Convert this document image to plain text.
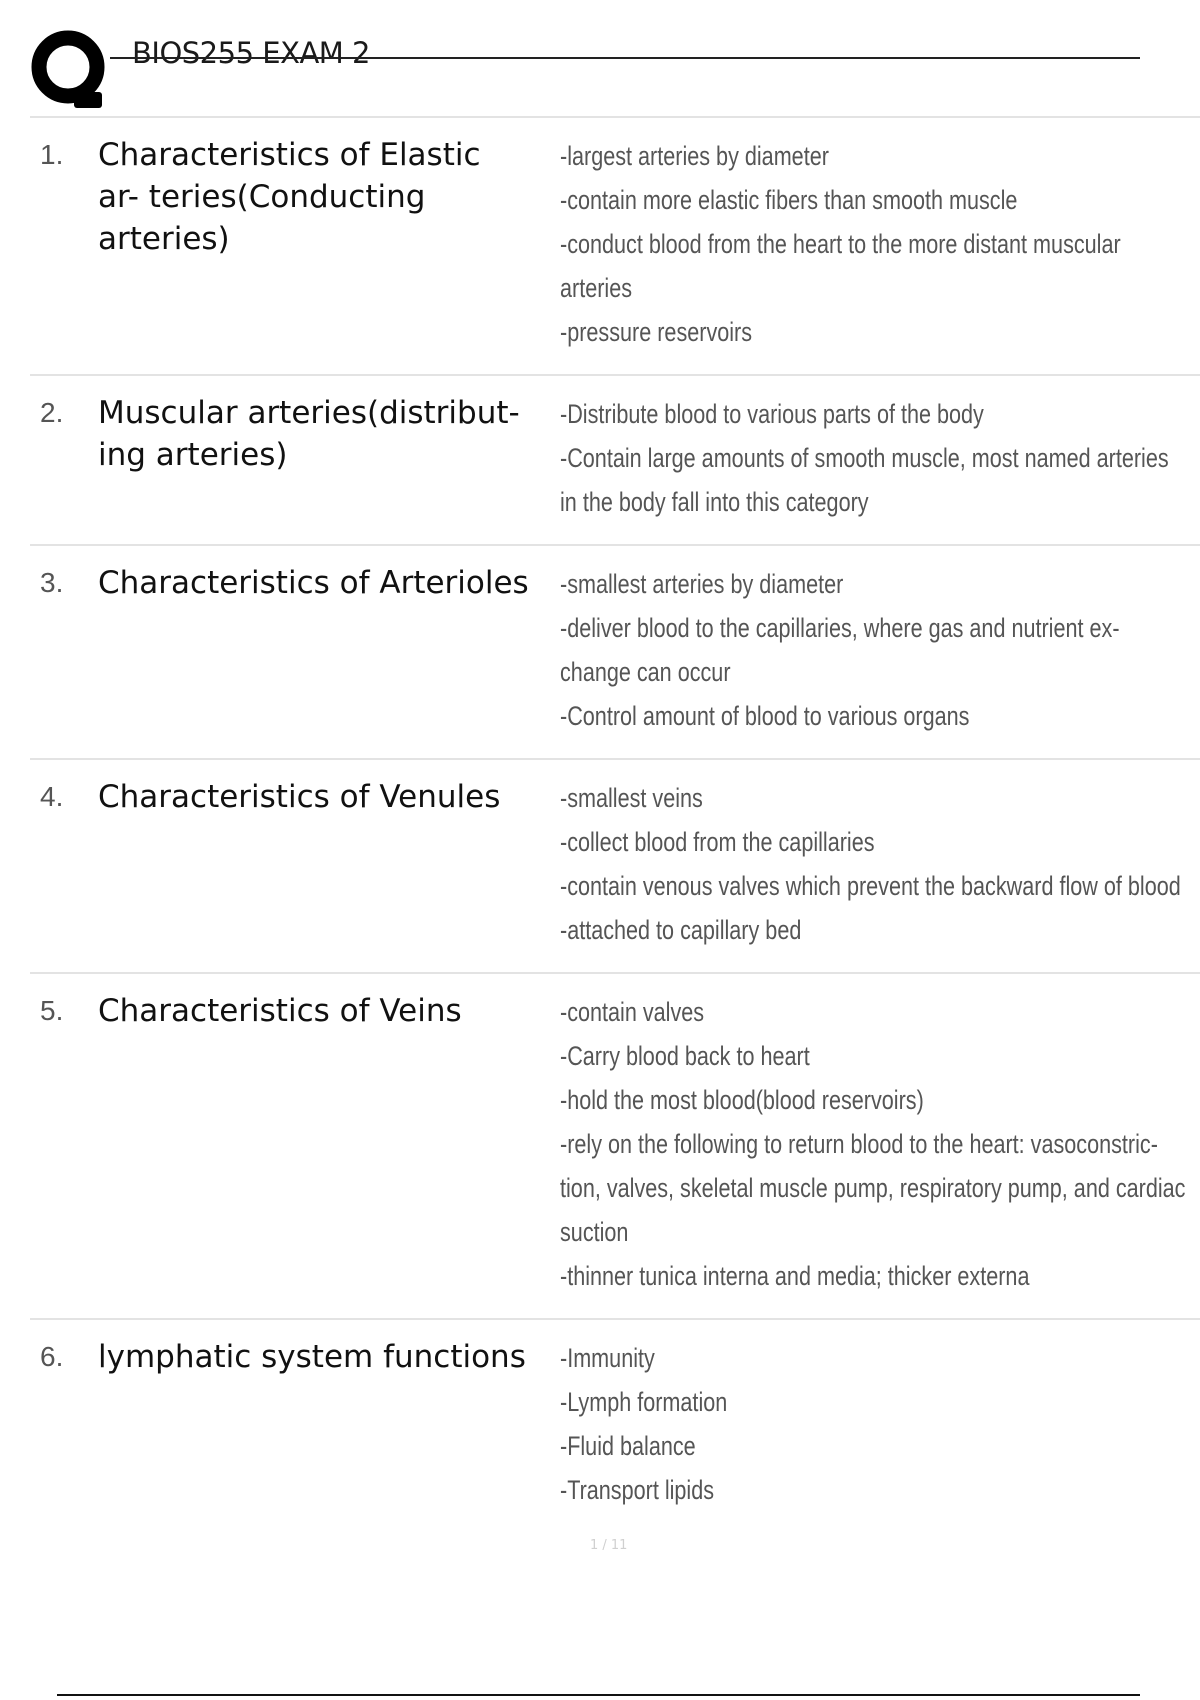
BIOS255 EXAM 2
1.	Characteristics of Elastic ar- teries(Conducting arteries)
-largest arteries by diameter
-contain more elastic fibers than smooth muscle
-conduct blood from the heart to the more distant muscular arteries
-pressure reservoirs
2.	Muscular arteries(distribut- ing arteries)
-Distribute blood to various parts of the body
-Contain large amounts of smooth muscle, most named arteries in the body fall into this category
3.	Characteristics of Arterioles	-smallest arteries by diameter
-deliver blood to the capillaries, where gas and nutrient ex- change can occur
-Control amount of blood to various organs
4.	Characteristics of Venules	-smallest veins
-collect blood from the capillaries
-contain venous valves which prevent the backward flow of blood
-attached to capillary bed
5.	Characteristics of Veins	-contain valves
-Carry blood back to heart
-hold the most blood(blood reservoirs)
-rely on the following to return blood to the heart: vasoconstric- tion, valves, skeletal muscle pump, respiratory pump, and cardiac suction
-thinner tunica interna and media; thicker externa
6.	lymphatic system functions	-Immunity
-Lymph formation
-Fluid balance
-Transport lipids
1 / 11
